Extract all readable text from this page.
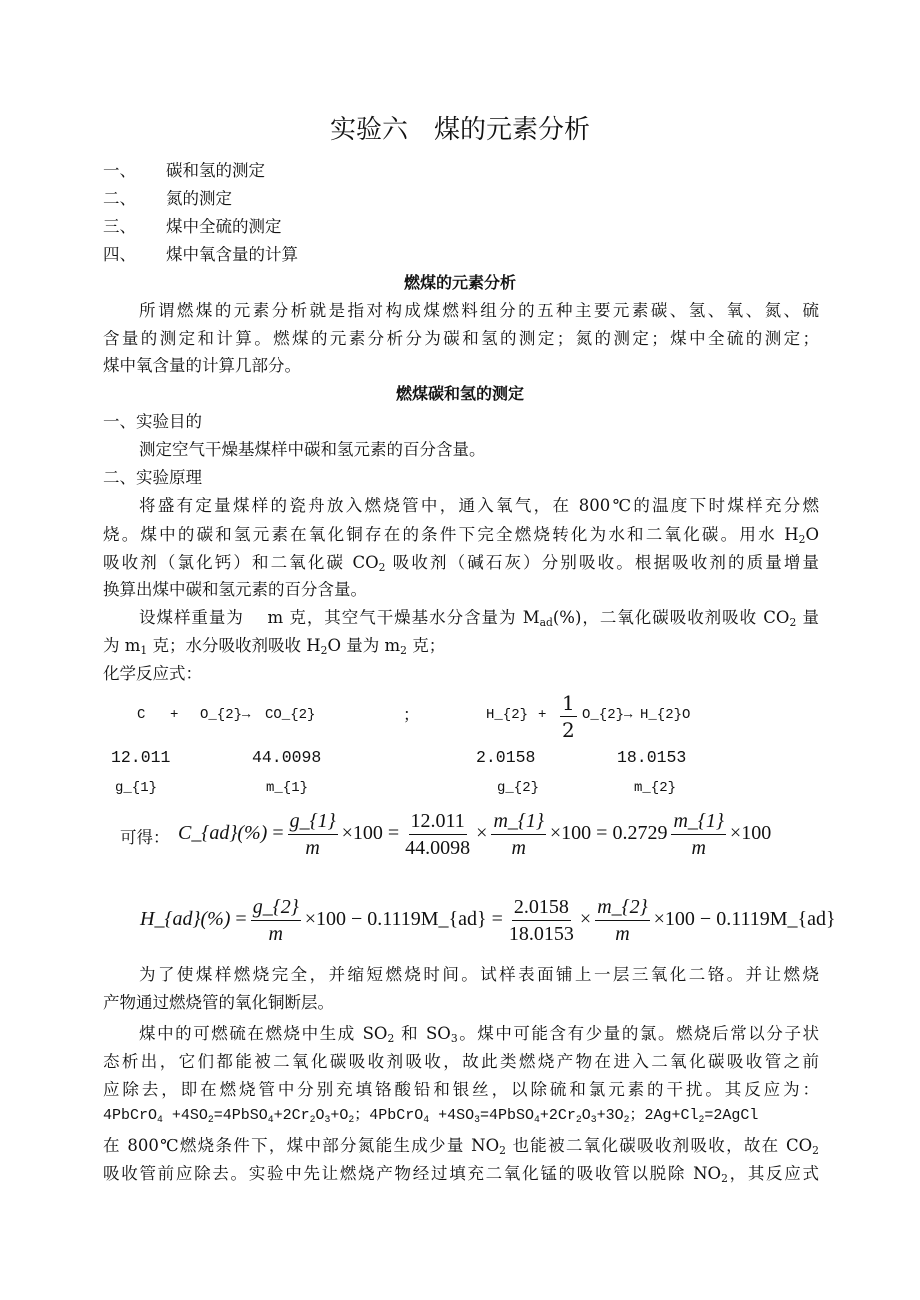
实验六　煤的元素分析
一、 碳和氢的测定
二、 氮的测定
三、 煤中全硫的测定
四、 煤中氧含量的计算
燃煤的元素分析
所谓燃煤的元素分析就是指对构成煤燃料组分的五种主要元素碳、氢、氧、氮、硫
含量的测定和计算。燃煤的元素分析分为碳和氢的测定；氮的测定；煤中全硫的测定；
煤中氧含量的计算几部分。
燃煤碳和氢的测定
一、实验目的
测定空气干燥基煤样中碳和氢元素的百分含量。
二、实验原理
将盛有定量煤样的瓷舟放入燃烧管中，通入氧气，在 800℃的温度下时煤样充分燃
烧。煤中的碳和氢元素在氧化铜存在的条件下完全燃烧转化为水和二氧化碳。用水 $H_2O$
吸收剂（氯化钙）和二氧化碳 $CO_2$ 吸收剂（碱石灰）分别吸收。根据吸收剂的质量增量
换算出煤中碳和氢元素的百分含量。
设煤样重量为　 m 克，其空气干燥基水分含量为 $M_{ad}(\%)$，二氧化碳吸收剂吸收 $CO_2$ 量
为 $m_1$ 克；水分吸收剂吸收 $H_2O$ 量为 $m_2$ 克；
化学反应式：
C + O_{2}→ CO_{2}	；	H_{2} + $\frac{1}{2}$ O_{2}→ H_{2}O
12.011	44.0098	2.0158	18.0153
g_{1}	m_{1}	g_{2}	m_{2}
可得： C_{ad}(%) = $\frac{g\_\{1\}}{m} \times 100 = \frac{12.011}{44.0098} \times \frac{m\_\{1\}}{m} \times 100 = 0.2729 \frac{m\_\{1\}}{m} \times 100$
H_{ad}(%) = $\frac{g\_\{2\}}{m} \times 100$ − 0.1119M_{ad} = $\frac{2.0158}{18.0153} \times \frac{m\_\{2\}}{m} \times 100$ − 0.1119M_{ad}
为了使煤样燃烧完全，并缩短燃烧时间。试样表面铺上一层三氧化二铬。并让燃烧
产物通过燃烧管的氧化铜断层。
煤中的可燃硫在燃烧中生成 $SO_2$ 和 $SO_3$。煤中可能含有少量的氯。燃烧后常以分子状
态析出，它们都能被二氧化碳吸收剂吸收，故此类燃烧产物在进入二氧化碳吸收管之前
应除去，即在燃烧管中分别充填铬酸铅和银丝，以除硫和氯元素的干扰。其反应为：
4PbCrO$_4$ $+4SO_2=4PbSO_4+2Cr_2O_3+O_2$；4PbCrO$_4$ $+4SO_3=4PbSO_4+2Cr_2O_3+3O_2$；$2Ag+Cl_2=2AgCl$
在 800℃燃烧条件下，煤中部分氮能生成少量 $NO_2$ 也能被二氧化碳吸收剂吸收，故在 $CO_2$
吸收管前应除去。实验中先让燃烧产物经过填充二氧化锰的吸收管以脱除 $NO_2$，其反应式
